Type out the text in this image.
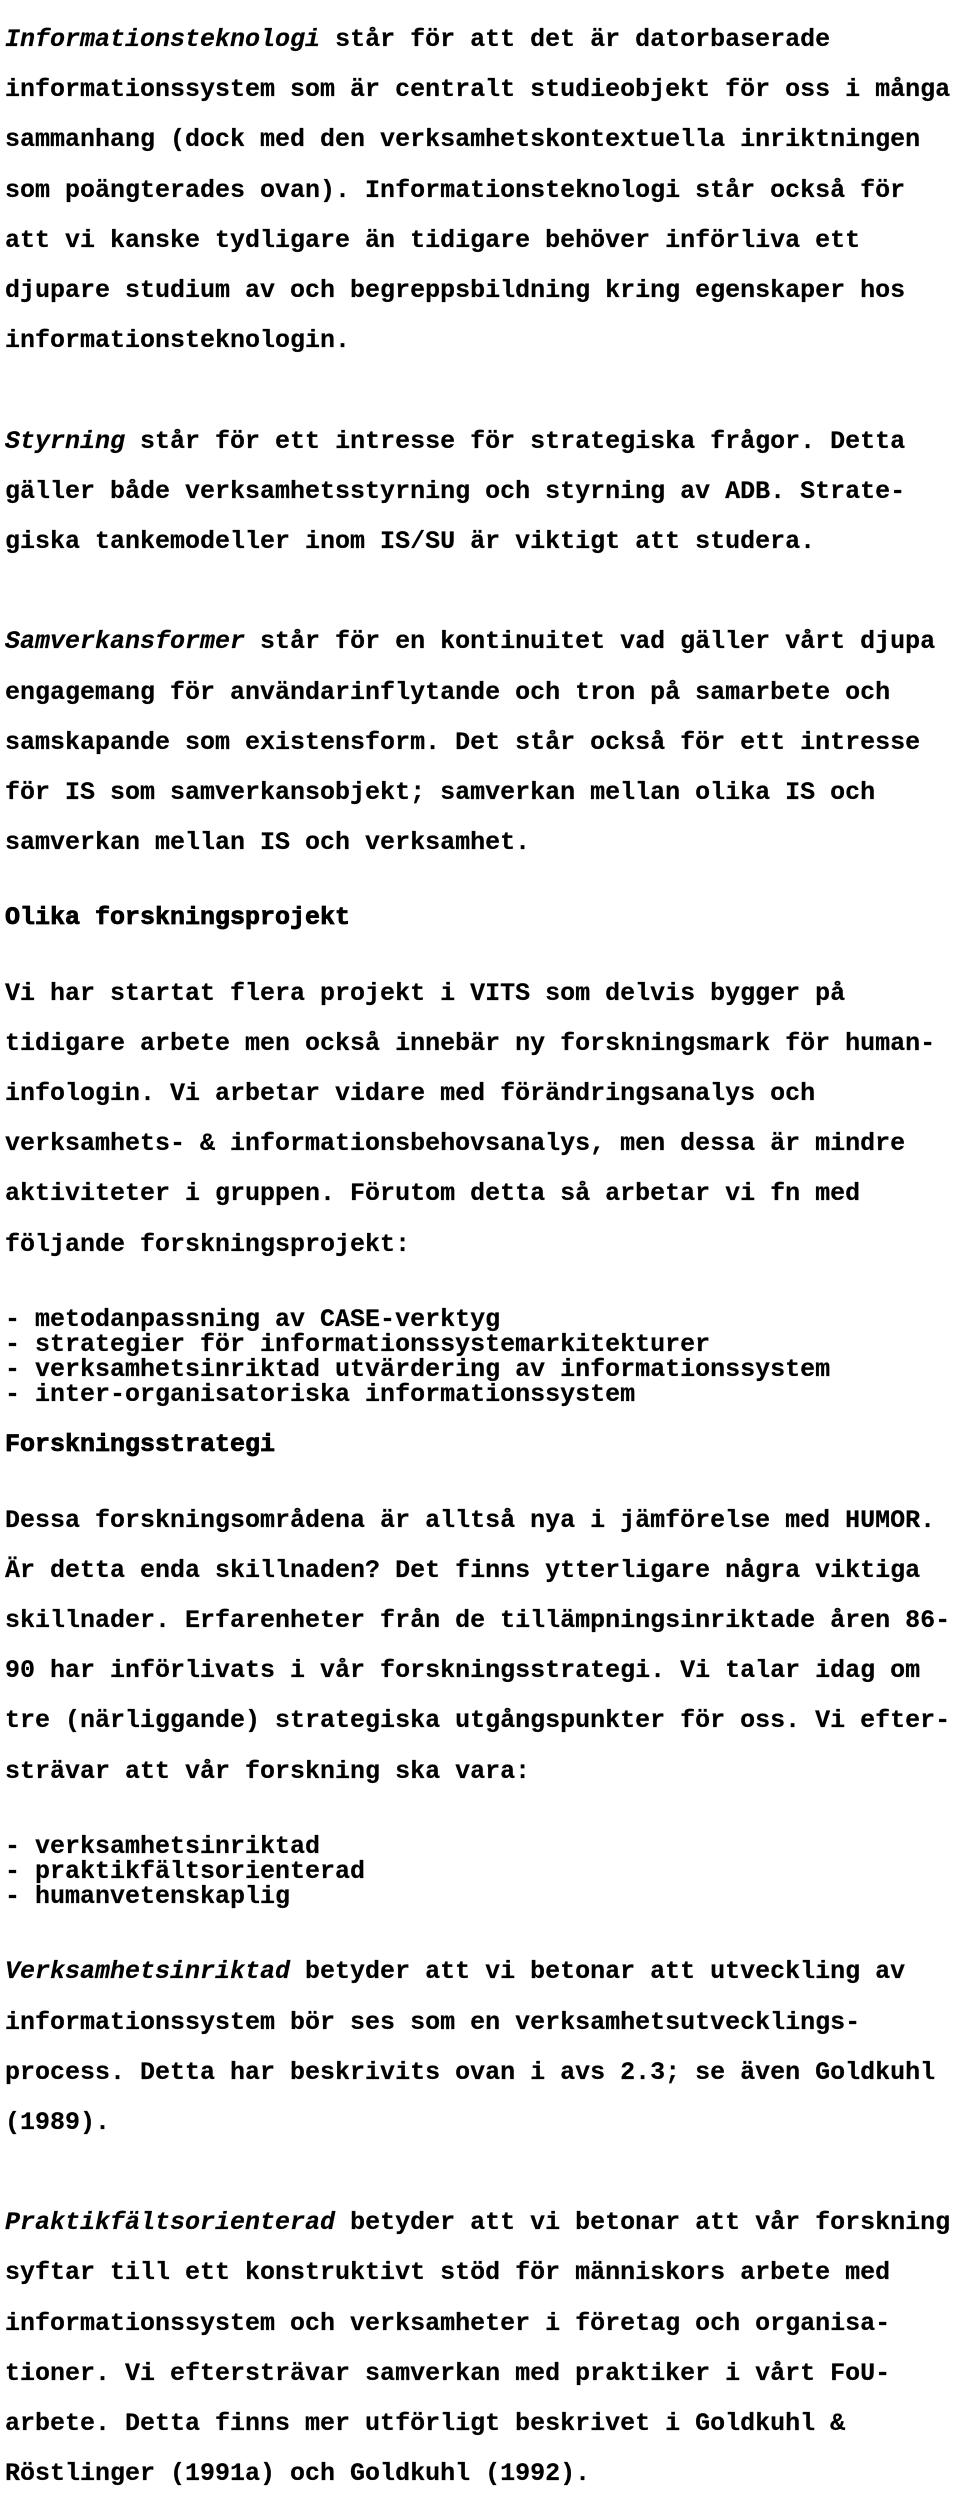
Informationsteknologi står för att det är datorbaserade

informationssystem som är centralt studieobjekt för oss i många

sammanhang (dock med den verksamhetskontextuella inriktningen

som poängterades ovan). Informationsteknologi står också för

att vi kanske tydligare än tidigare behöver införliva ett

djupare studium av och begreppsbildning kring egenskaper hos

informationsteknologin.

Styrning står för ett intresse för strategiska frågor. Detta

gäller både verksamhetsstyrning och styrning av ADB. Strate-

giska tankemodeller inom IS/SU är viktigt att studera.

Samverkansformer står för en kontinuitet vad gäller vårt djupa

engagemang för användarinflytande och tron på samarbete och

samskapande som existensform. Det står också för ett intresse

för IS som samverkansobjekt; samverkan mellan olika IS och

samverkan mellan IS och verksamhet.

Olika forskningsprojekt

Vi har startat flera projekt i VITS som delvis bygger på

tidigare arbete men också innebär ny forskningsmark för human-

infologin. Vi arbetar vidare med förändringsanalys och

verksamhets- & informationsbehovsanalys, men dessa är mindre

aktiviteter i gruppen. Förutom detta så arbetar vi fn med

följande forskningsprojekt:

- metodanpassning av CASE-verktyg
- strategier för informationssystemarkitekturer
- verksamhetsinriktad utvärdering av informationssystem
- inter-organisatoriska informationssystem
Forskningsstrategi

Dessa forskningsområdena är alltså nya i jämförelse med HUMOR.

Är detta enda skillnaden? Det finns ytterligare några viktiga

skillnader. Erfarenheter från de tillämpningsinriktade åren 86-

90 har införlivats i vår forskningsstrategi. Vi talar idag om

tre (närliggande) strategiska utgångspunkter för oss. Vi efter-

strävar att vår forskning ska vara:

- verksamhetsinriktad
- praktikfältsorienterad
- humanvetenskaplig

Verksamhetsinriktad betyder att vi betonar att utveckling av

informationssystem bör ses som en verksamhetsutvecklings-

process. Detta har beskrivits ovan i avs 2.3; se även Goldkuhl

(1989).

Praktikfältsorienterad betyder att vi betonar att vår forskning

syftar till ett konstruktivt stöd för människors arbete med

informationssystem och verksamheter i företag och organisa-

tioner. Vi eftersträvar samverkan med praktiker i vårt FoU-

arbete. Detta finns mer utförligt beskrivet i Goldkuhl &

Röstlinger (1991a) och Goldkuhl (1992).
